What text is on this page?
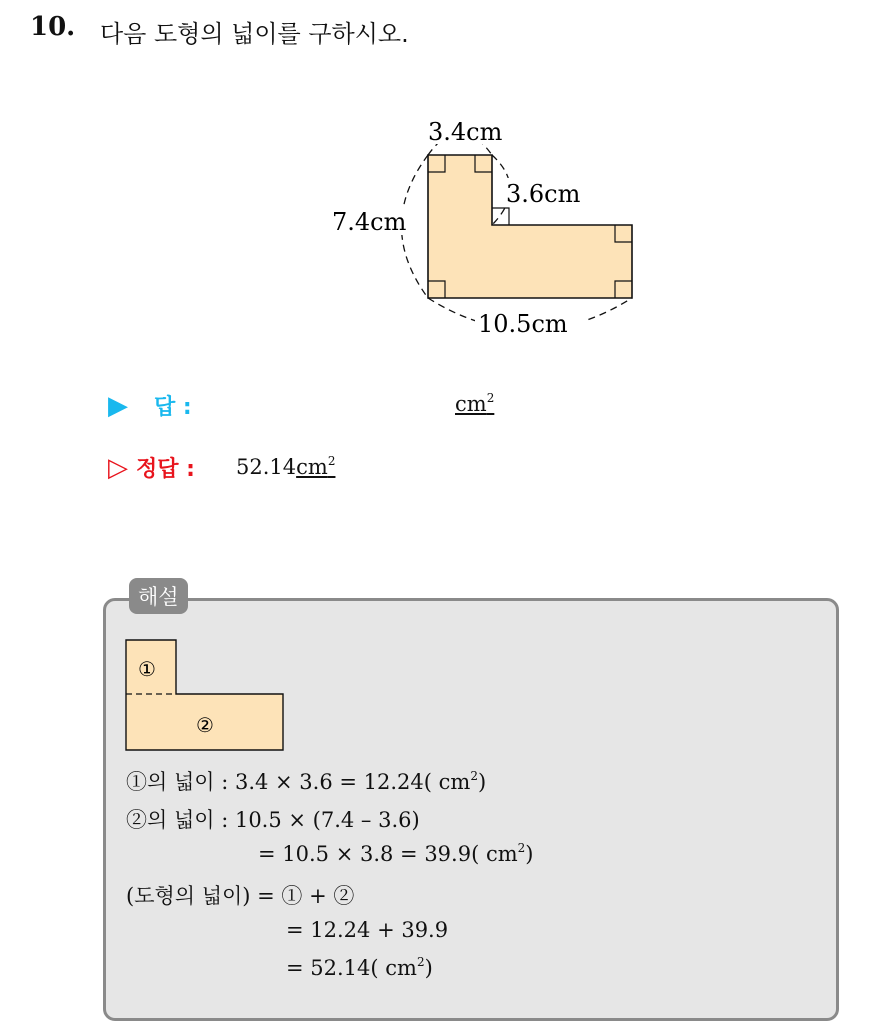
10. 다음 도형의 넓이를 구하시오.
3.4cm
3.6cm
7.4cm
10.5cm
▶ 답 :	$cm^2$
▷ 정답 : $52.14cm^2$
해설
①
②
①의 넓이 : 3.4 × 3.6 = 12.24( $cm^2$)
②의 넓이 : 10.5 × (7.4 – 3.6)
= 10.5 × 3.8 = 39.9( $cm^2$)
(도형의 넓이) = ① + ②
= 12.24 + 39.9
= 52.14( $cm^2$)
